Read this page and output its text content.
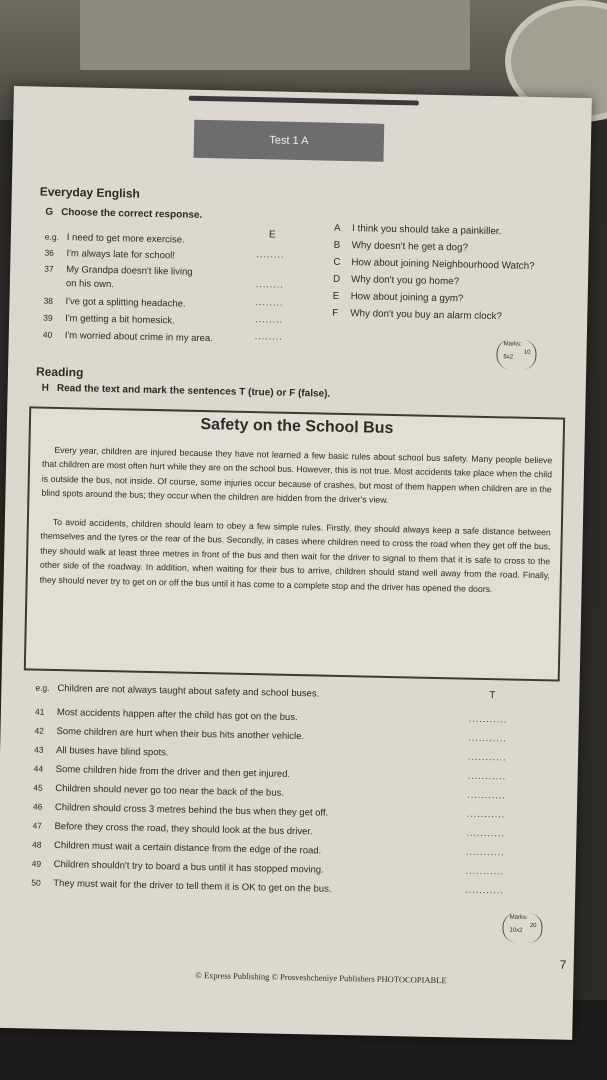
Test 1 A
Everyday English
G Choose the correct response.
e.g. I need to get more exercise.	E
36 I'm always late for school!	........
37 My Grandpa doesn't like living
on his own.	........
38 I've got a splitting headache.	........
39 I'm getting a bit homesick.	........
40 I'm worried about crime in my area.	........
A I think you should take a painkiller.
B Why doesn't he get a dog?
C How about joining Neighbourhood Watch?
D Why don't you go home?
E How about joining a gym?
F Why don't you buy an alarm clock?
Marks:
5x2
10
Reading
H Read the text and mark the sentences T (true) or F (false).
Safety on the School Bus
Every year, children are injured because they have not learned a few basic rules about school bus safety. Many people believe that children are most often hurt while they are on the school bus. However, this is not true. Most accidents take place when the child is outside the bus, not inside. Of course, some injuries occur because of crashes, but most of them happen when children are in the blind spots around the bus; they occur when the children are hidden from the driver's view.
To avoid accidents, children should learn to obey a few simple rules. Firstly, they should always keep a safe distance between themselves and the tyres or the rear of the bus. Secondly, in cases where children need to cross the road when they get off the bus, they should walk at least three metres in front of the bus and then wait for the driver to signal to them that it is safe to cross to the other side of the roadway. In addition, when waiting for their bus to arrive, children should stand well away from the road. Finally, they should never try to get on or off the bus until it has come to a complete stop and the driver has opened the doors.
e.g. Children are not always taught about safety and school buses.	T
41 Most accidents happen after the child has got on the bus.	...........
42 Some children are hurt when their bus hits another vehicle.	...........
43 All buses have blind spots.	...........
44 Some children hide from the driver and then get injured.	...........
45 Children should never go too near the back of the bus.	...........
46 Children should cross 3 metres behind the bus when they get off.	...........
47 Before they cross the road, they should look at the bus driver.	...........
48 Children must wait a certain distance from the edge of the road.	...........
49 Children shouldn't try to board a bus until it has stopped moving.	...........
50 They must wait for the driver to tell them it is OK to get on the bus.	...........
Marks:
10x2
20
© Express Publishing © Prosveshcheniye Publishers PHOTOCOPIABLE
7
